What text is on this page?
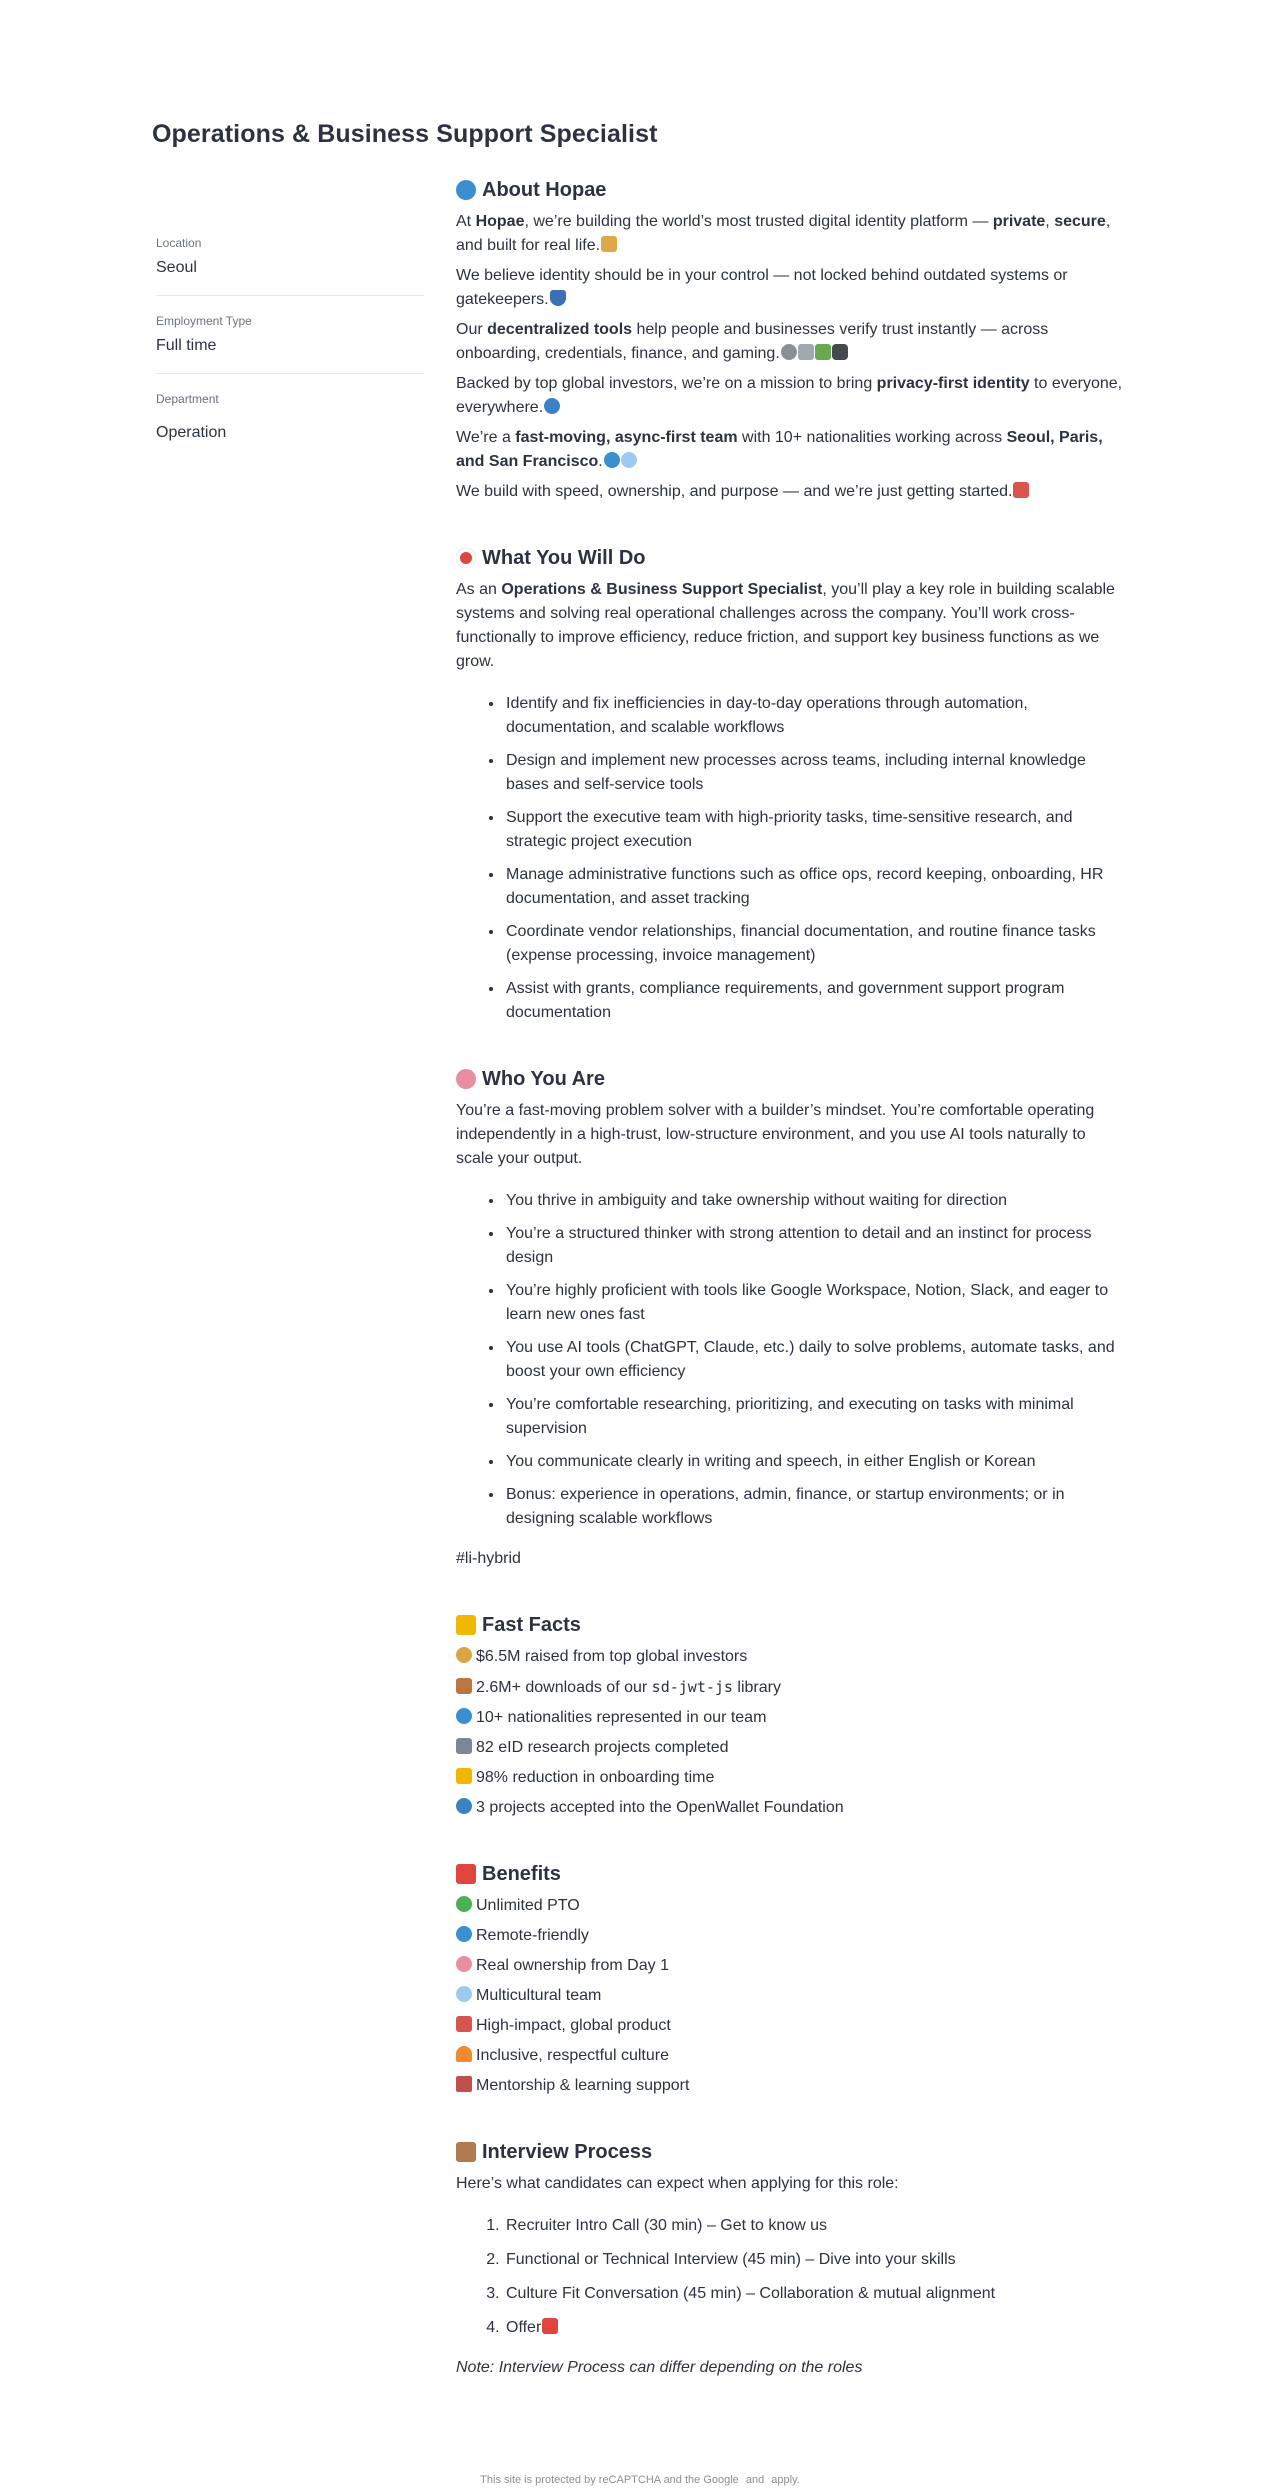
Operations & Business Support Specialist
Location
Seoul
Employment Type
Full time
Department
Operation
About Hopae

At Hopae, we’re building the world’s most trusted digital identity platform — private, secure, and built for real life.

We believe identity should be in your control — not locked behind outdated systems or gatekeepers.

Our decentralized tools help people and businesses verify trust instantly — across onboarding, credentials, finance, and gaming.

Backed by top global investors, we’re on a mission to bring privacy-first identity to everyone, everywhere.

We’re a fast-moving, async-first team with 10+ nationalities working across Seoul, Paris, and San Francisco.

We build with speed, ownership, and purpose — and we’re just getting started.

What You Will Do

As an Operations & Business Support Specialist, you’ll play a key role in building scalable systems and solving real operational challenges across the company. You’ll work cross-functionally to improve efficiency, reduce friction, and support key business functions as we grow.

• Identify and fix inefficiencies in day-to-day operations through automation, documentation, and scalable workflows
• Design and implement new processes across teams, including internal knowledge bases and self-service tools
• Support the executive team with high-priority tasks, time-sensitive research, and strategic project execution
• Manage administrative functions such as office ops, record keeping, onboarding, HR documentation, and asset tracking
• Coordinate vendor relationships, financial documentation, and routine finance tasks (expense processing, invoice management)
• Assist with grants, compliance requirements, and government support program documentation
Who You Are

You’re a fast-moving problem solver with a builder’s mindset. You’re comfortable operating independently in a high-trust, low-structure environment, and you use AI tools naturally to scale your output.

• You thrive in ambiguity and take ownership without waiting for direction
• You’re a structured thinker with strong attention to detail and an instinct for process design
• You’re highly proficient with tools like Google Workspace, Notion, Slack, and eager to learn new ones fast
• You use AI tools (ChatGPT, Claude, etc.) daily to solve problems, automate tasks, and boost your own efficiency
• You’re comfortable researching, prioritizing, and executing on tasks with minimal supervision
• You communicate clearly in writing and speech, in either English or Korean
• Bonus: experience in operations, admin, finance, or startup environments; or in designing scalable workflows

#li-hybrid

Fast Facts
$6.5M raised from top global investors
2.6M+ downloads of our sd-jwt-js library
10+ nationalities represented in our team
82 eID research projects completed
98% reduction in onboarding time
3 projects accepted into the OpenWallet Foundation
Benefits
Unlimited PTO
Remote-friendly
Real ownership from Day 1
Multicultural team
High-impact, global product
Inclusive, respectful culture
Mentorship & learning support
Interview Process

Here’s what candidates can expect when applying for this role:

1. Recruiter Intro Call (30 min) – Get to know us
2. Functional or Technical Interview (45 min) – Dive into your skills
3. Culture Fit Conversation (45 min) – Collaboration & mutual alignment
4. Offer

Note: Interview Process can differ depending on the roles

This site is protected by reCAPTCHA and the Google and apply.
